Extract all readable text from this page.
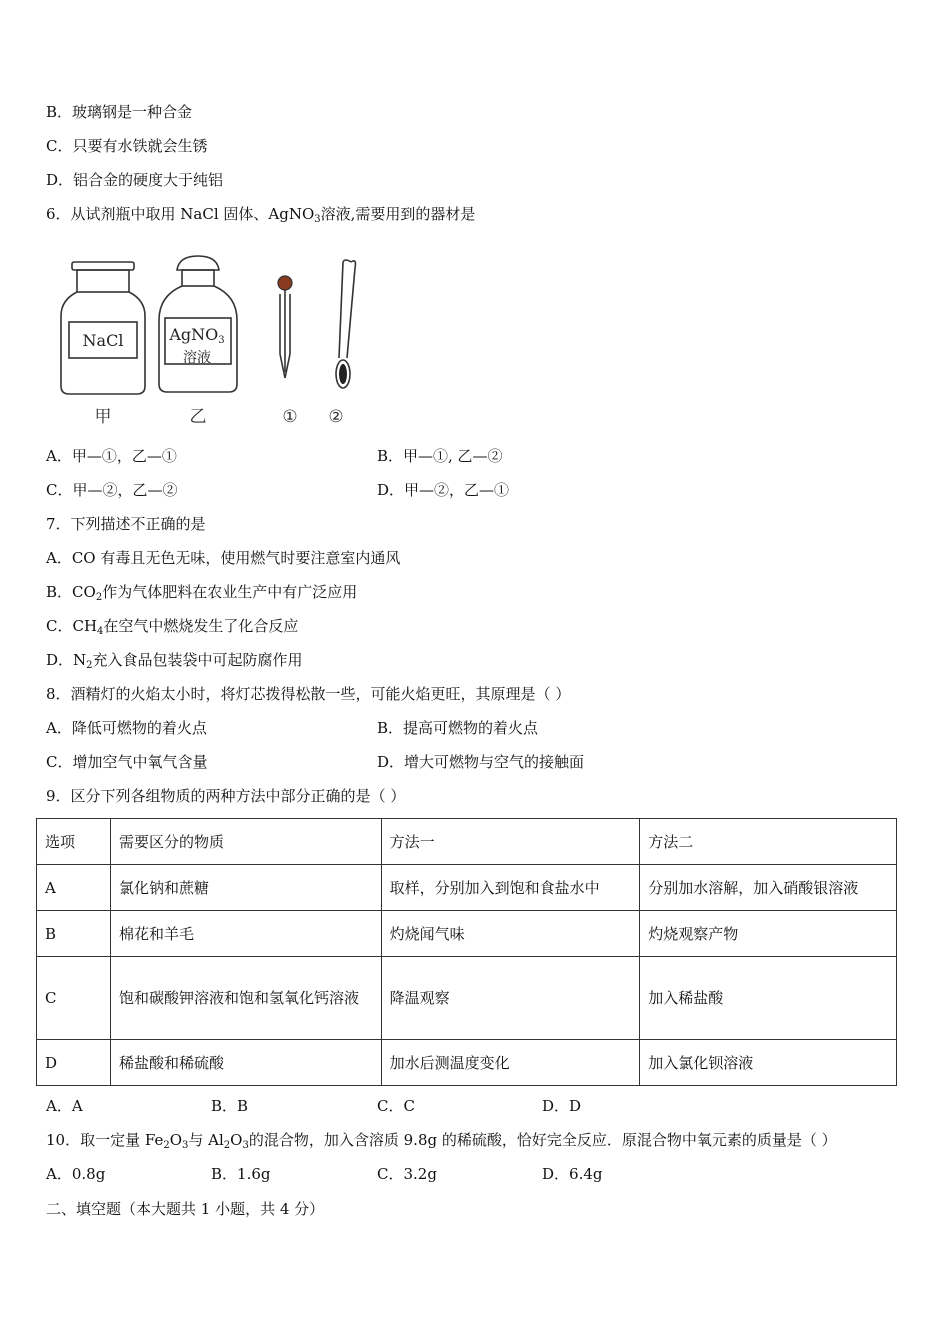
B．玻璃钢是一种合金
C．只要有水铁就会生锈
D．铝合金的硬度大于纯铝
6．从试剂瓶中取用 NaCl 固体、AgNO$_3$溶液,需要用到的器材是
NaCl	AgNO3
溶液
甲	乙	① ②
A．甲—①，乙—①	B．甲—①, 乙—②
C．甲—②，乙—②	D．甲—②，乙—①
7．下列描述不正确的是
A．CO 有毒且无色无味，使用燃气时要注意室内通风
B．$CO_2$作为气体肥料在农业生产中有广泛应用
C．$CH_4$在空气中燃烧发生了化合反应
D．$N_2$充入食品包装袋中可起防腐作用
8．酒精灯的火焰太小时，将灯芯拨得松散一些，可能火焰更旺，其原理是（ ）
A．降低可燃物的着火点	B．提高可燃物的着火点
C．增加空气中氧气含量	D．增大可燃物与空气的接触面
9．区分下列各组物质的两种方法中部分正确的是（ ）
选项	需要区分的物质	方法一	方法二
A	氯化钠和蔗糖	取样，分别加入到饱和食盐水中	分别加水溶解，加入硝酸银溶液
B	棉花和羊毛	灼烧闻气味	灼烧观察产物
C	饱和碳酸钾溶液和饱和氢氧化钙溶液	降温观察	加入稀盐酸
D	稀盐酸和稀硫酸	加水后测温度变化	加入氯化钡溶液
A．A	B．B	C．C	D．D
10．取一定量 $Fe_2O_3$与 $Al_2O_3$的混合物，加入含溶质 9.8g 的稀硫酸，恰好完全反应．原混合物中氧元素的质量是（ ）
A．0.8g	B．1.6g	C．3.2g	D．6.4g
二、填空题（本大题共 1 小题，共 4 分）
